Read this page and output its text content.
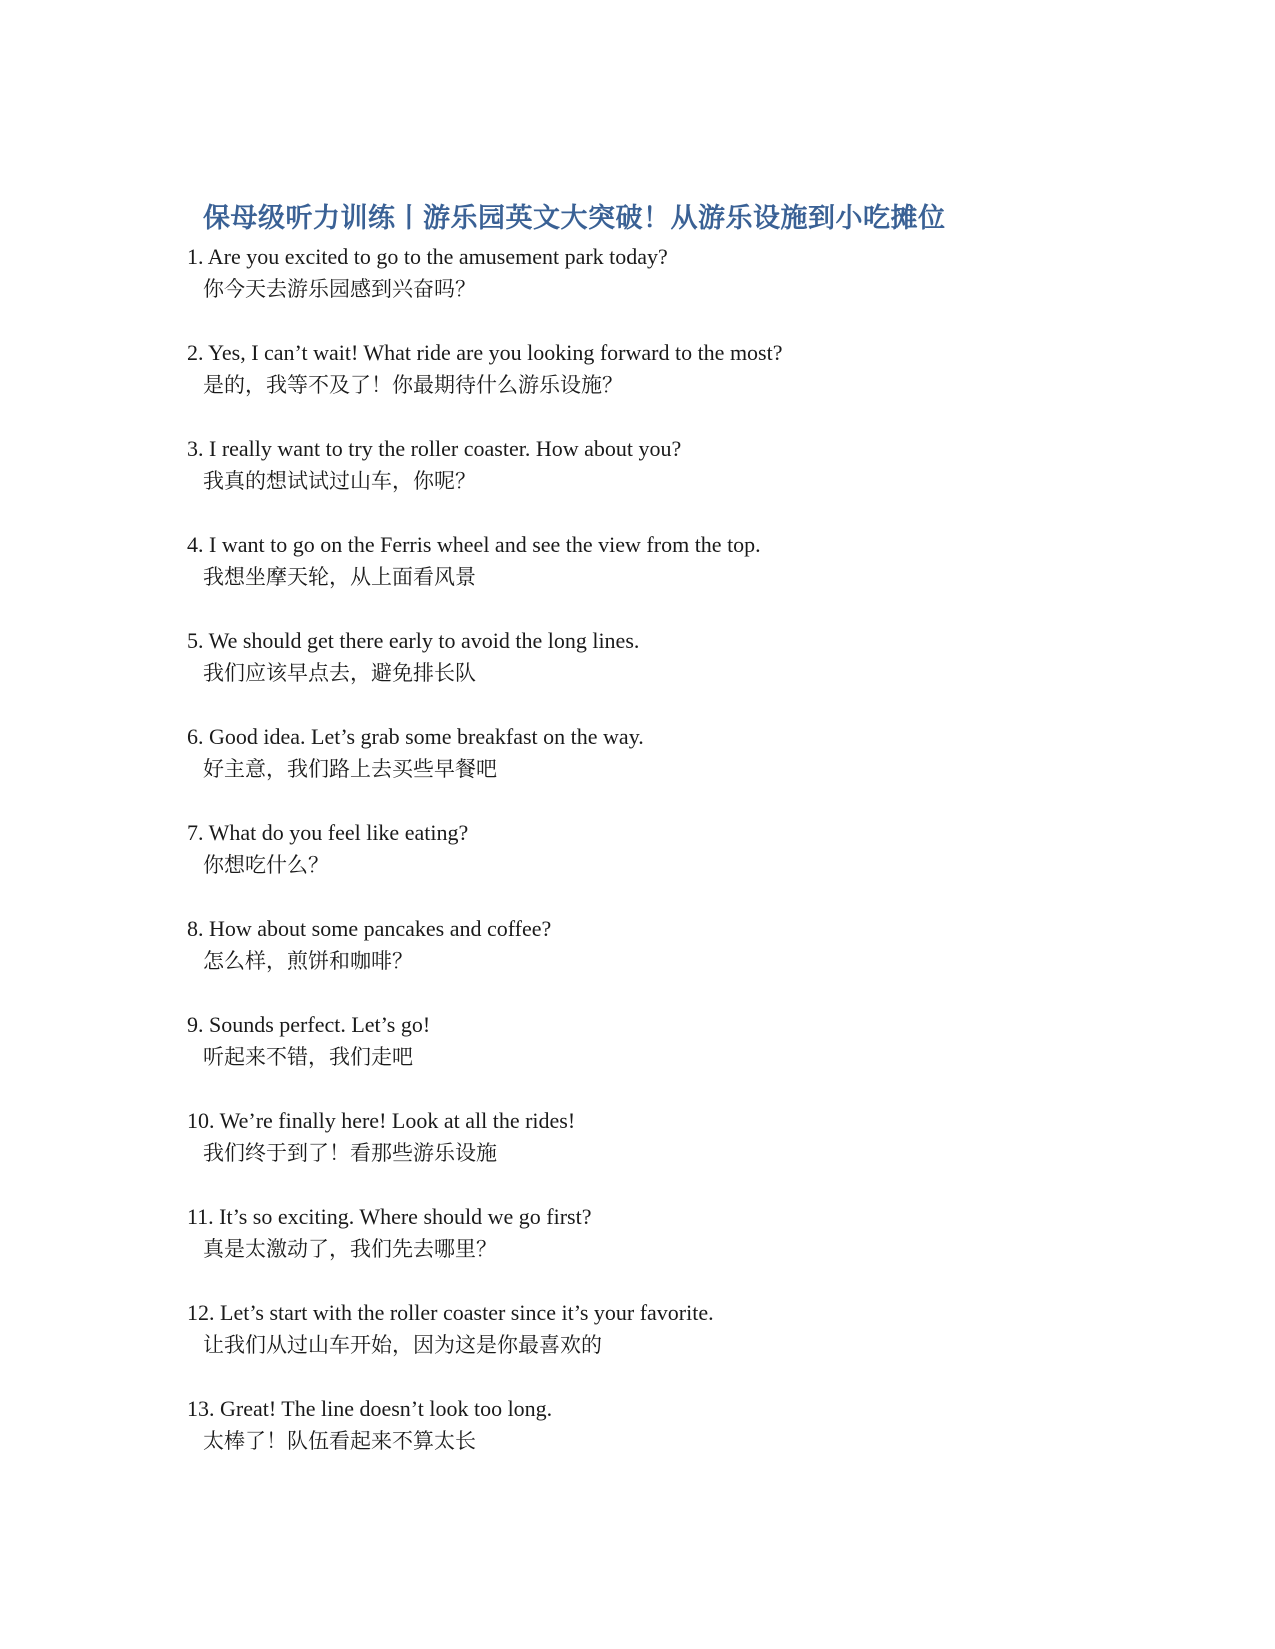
保母级听力训练丨游乐园英文大突破！从游乐设施到小吃摊位
1. Are you excited to go to the amusement park today?
你今天去游乐园感到兴奋吗？
2. Yes, I can’t wait! What ride are you looking forward to the most?
是的，我等不及了！你最期待什么游乐设施？
3. I really want to try the roller coaster. How about you?
我真的想试试过山车，你呢？
4. I want to go on the Ferris wheel and see the view from the top.
我想坐摩天轮，从上面看风景
5. We should get there early to avoid the long lines.
我们应该早点去，避免排长队
6. Good idea. Let’s grab some breakfast on the way.
好主意，我们路上去买些早餐吧
7. What do you feel like eating?
你想吃什么？
8. How about some pancakes and coffee?
怎么样，煎饼和咖啡？
9. Sounds perfect. Let’s go!
听起来不错，我们走吧
10. We’re finally here! Look at all the rides!
我们终于到了！看那些游乐设施
11. It’s so exciting. Where should we go first?
真是太激动了，我们先去哪里？
12. Let’s start with the roller coaster since it’s your favorite.
让我们从过山车开始，因为这是你最喜欢的
13. Great! The line doesn’t look too long.
太棒了！队伍看起来不算太长
